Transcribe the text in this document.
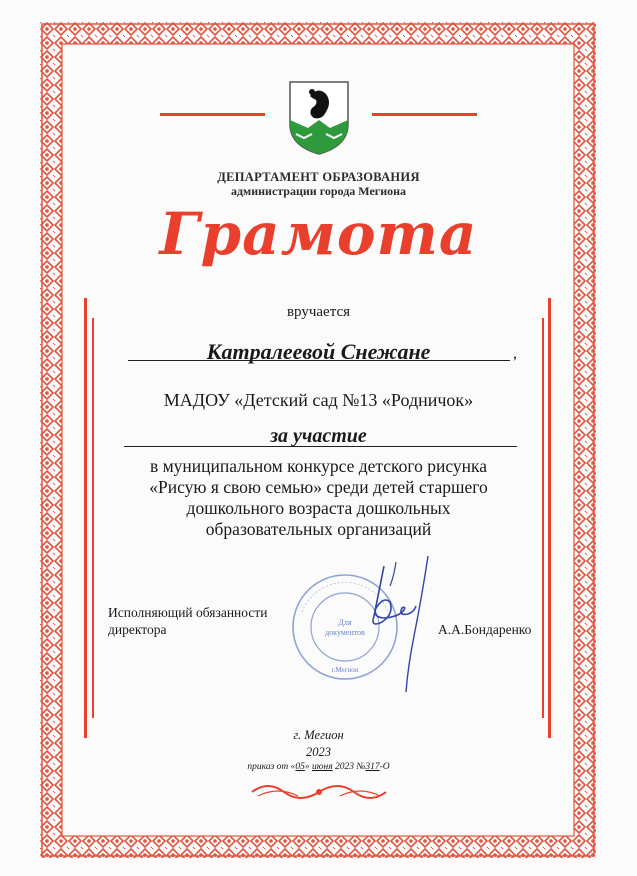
ДЕПАРТАМЕНТ ОБРАЗОВАНИЯ
администрации города Мегиона
Грамота
вручается
Катралеевой Снежане	,
МАДОУ «Детский сад №13 «Родничок»
за участие
в муниципальном конкурсе детского рисунка
«Рисую я свою семью» среди детей старшего
дошкольного возраста дошкольных
образовательных организаций
Исполняющий обязанности
директора	Для
документов
г.Мегион
А.А.Бондаренко
г. Мегион
2023
приказ от «05» июня 2023 №317-О
